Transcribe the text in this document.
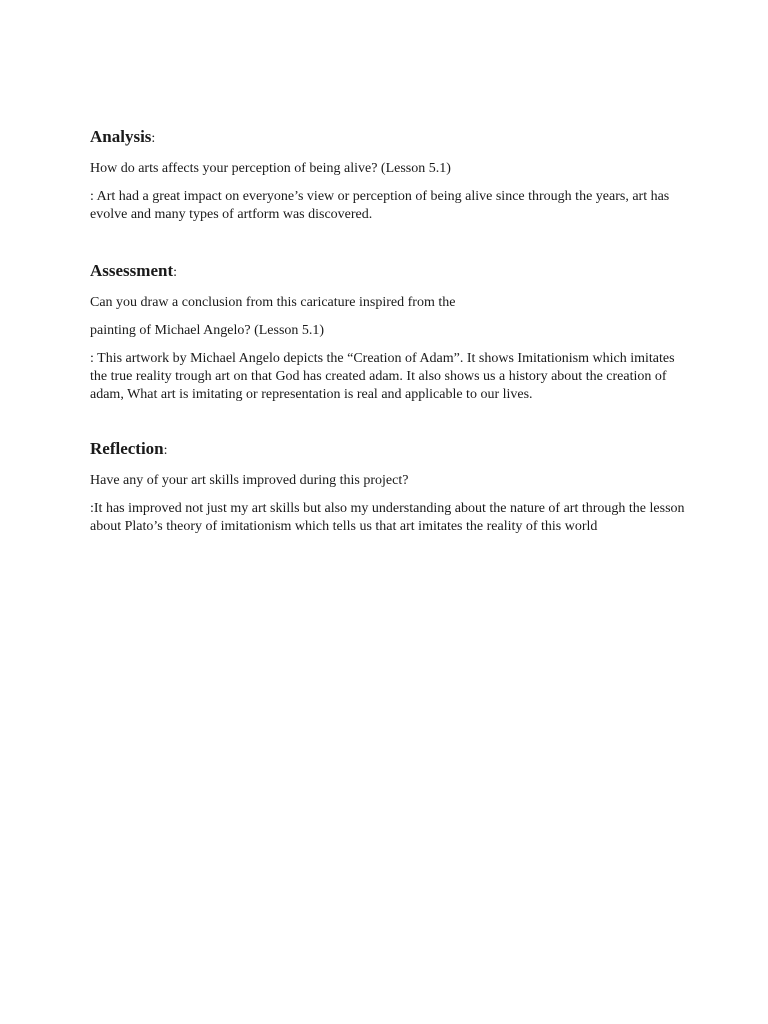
Analysis:

How do arts affects your perception of being alive? (Lesson 5.1)

: Art had a great impact on everyone’s view or perception of being alive since through the years, art has evolve and many types of artform was discovered.

Assessment:

Can you draw a conclusion from this caricature inspired from the

painting of Michael Angelo? (Lesson 5.1)

: This artwork by Michael Angelo depicts the “Creation of Adam”. It shows Imitationism which imitates the true reality trough art on that God has created adam. It also shows us a history about the creation of adam, What art is imitating or representation is real and applicable to our lives.

Reflection:

Have any of your art skills improved during this project?

:It has improved not just my art skills but also my understanding about the nature of art through the lesson about Plato’s theory of imitationism which tells us that art imitates the reality of this world
